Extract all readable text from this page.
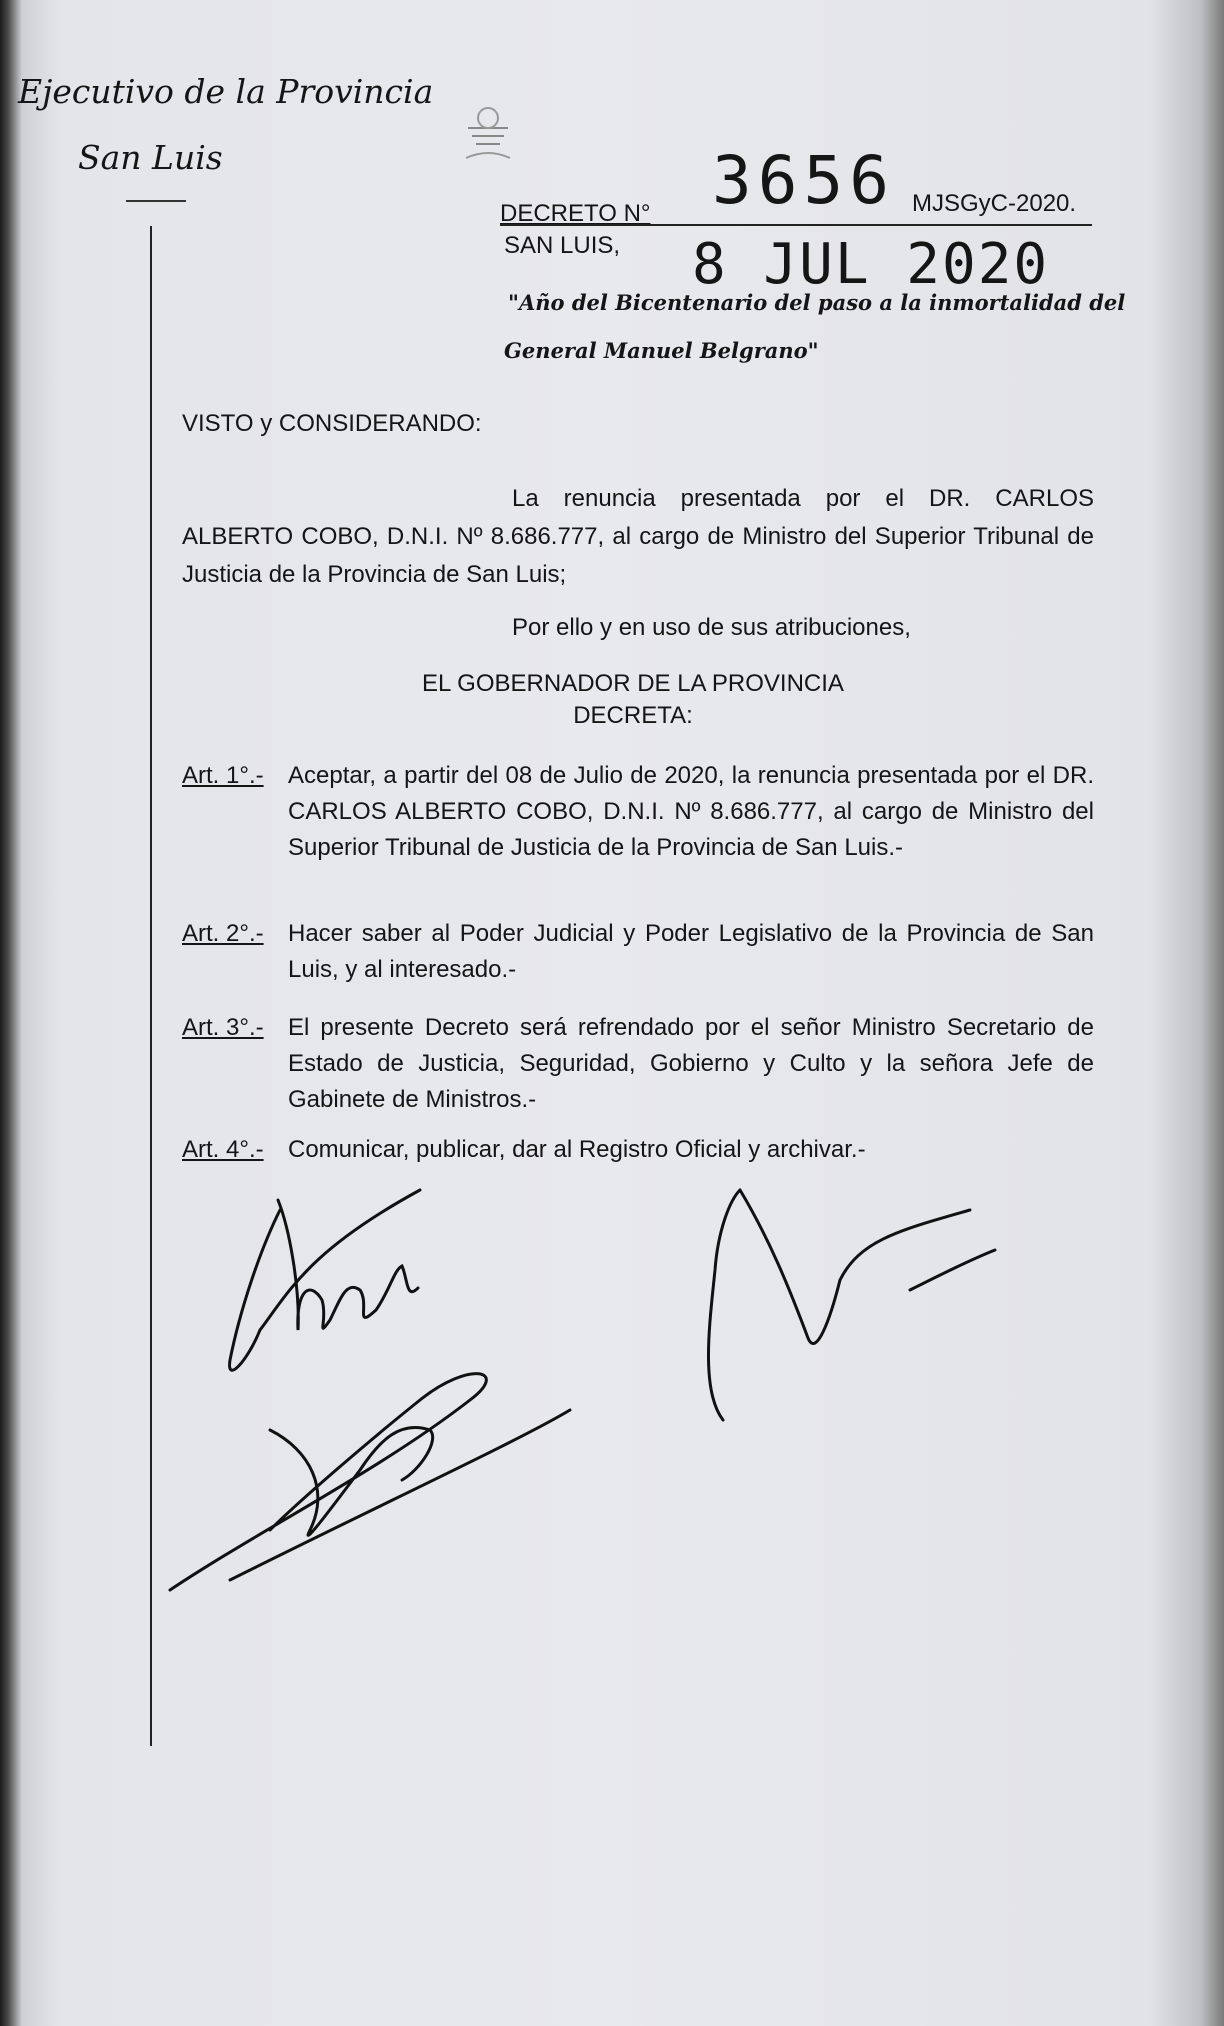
Ejecutivo de la Provincia
San Luis
DECRETO N° 3656 MJSGyC-2020.
SAN LUIS, 8 JUL 2020
"Año del Bicentenario del paso a la inmortalidad del
General Manuel Belgrano"
VISTO y CONSIDERANDO:
La renuncia presentada por el DR. CARLOS ALBERTO COBO, D.N.I. Nº 8.686.777, al cargo de Ministro del Superior Tribunal de Justicia de la Provincia de San Luis;
Por ello y en uso de sus atribuciones,
EL GOBERNADOR DE LA PROVINCIA
DECRETA:
Art. 1°.- Aceptar, a partir del 08 de Julio de 2020, la renuncia presentada por el DR. CARLOS ALBERTO COBO, D.N.I. Nº 8.686.777, al cargo de Ministro del Superior Tribunal de Justicia de la Provincia de San Luis.-
Art. 2°.- Hacer saber al Poder Judicial y Poder Legislativo de la Provincia de San Luis, y al interesado.-
Art. 3°.- El presente Decreto será refrendado por el señor Ministro Secretario de Estado de Justicia, Seguridad, Gobierno y Culto y la señora Jefe de Gabinete de Ministros.-
Art. 4°.- Comunicar, publicar, dar al Registro Oficial y archivar.-
